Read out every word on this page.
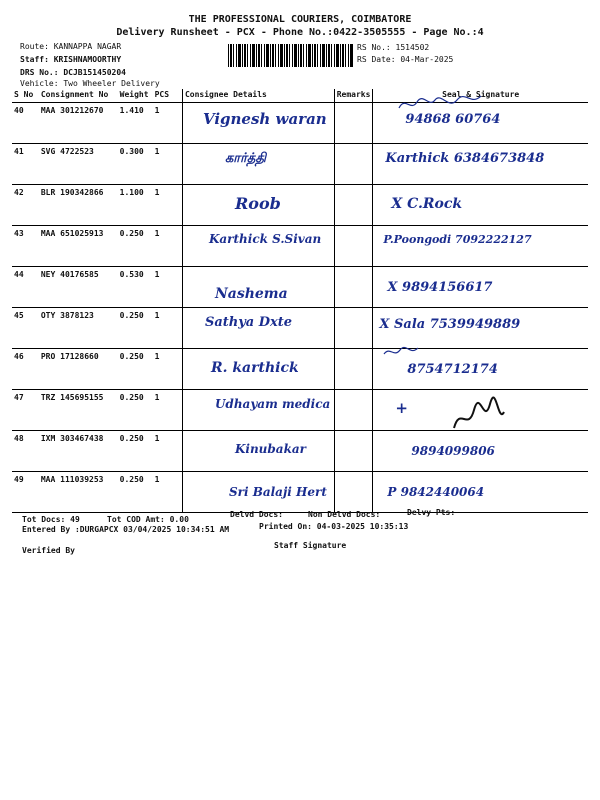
THE PROFESSIONAL COURIERS, COIMBATORE
Delivery Runsheet - PCX - Phone No.:0422-3505555 - Page No.:4
Route: KANNAPPA NAGAR
Staff: KRISHNAMOORTHY
DRS No.: DCJB151450204
Vehicle: Two Wheeler Delivery
RS No.: 1514502
RS Date: 04-Mar-2025
S No	Consignment No	Weight	PCS	Consignee Details	Remarks	Seal & Signature
40	MAA 301212670	1.410	1	Vignesh waran		94868 60764

41	SVG 4722523	0.300	1	கார்த்தி		Karthick 6384673848

42	BLR 190342866	1.100	1	Roob		X C.Rock

43	MAA 651025913	0.250	1	Karthick S.Sivan		P.Poongodi 7092222127

44	NEY 40176585	0.530	1	Nashema		X 9894156617

45	OTY 3878123	0.250	1	Sathya Dxte		X Sala 7539949889

46	PRO 17128660	0.250	1	R. karthick		8754712174

47	TRZ 145695155	0.250	1	Udhayam medica		+

48	IXM 303467438	0.250	1	Kinubakar		9894099806

49	MAA 111039253	0.250	1	Sri Balaji Hert		P 9842440064
Tot Docs: 49	Tot COD Amt: 0.00
Delvd Docs:	Non Delvd Docs:	Delvy Pts:
Entered By :DURGAPCX 03/04/2025 10:34:51 AM	Printed On: 04-03-2025 10:35:13
Staff Signature
Verified By
